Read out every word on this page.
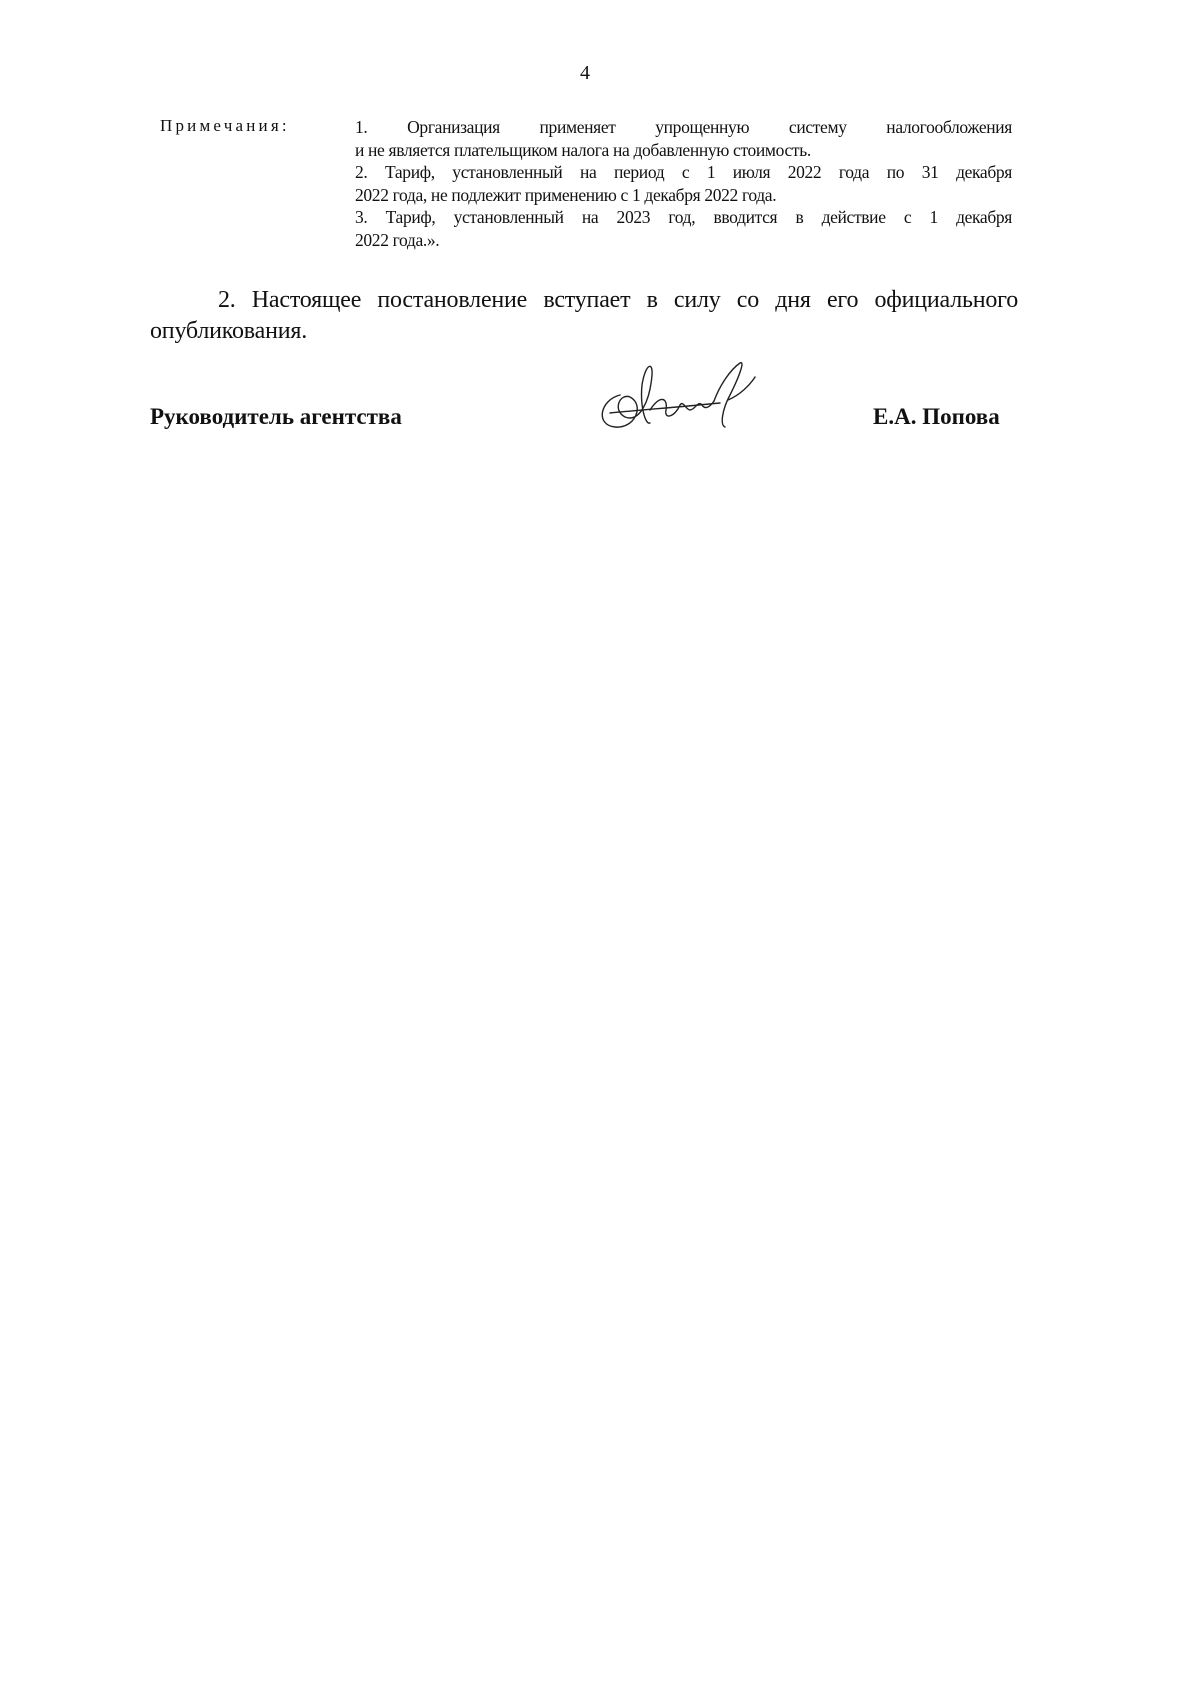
4
Примечания:	1. Организация применяет упрощенную систему налогообложения
и не является плательщиком налога на добавленную стоимость.
2. Тариф, установленный на период с 1 июля 2022 года по 31 декабря
2022 года, не подлежит применению с 1 декабря 2022 года.
3. Тариф, установленный на 2023 год, вводится в действие с 1 декабря
2022 года.».
2. Настоящее постановление вступает в силу со дня его официального
опубликования.
Руководитель агентства	Е.А. Попова
